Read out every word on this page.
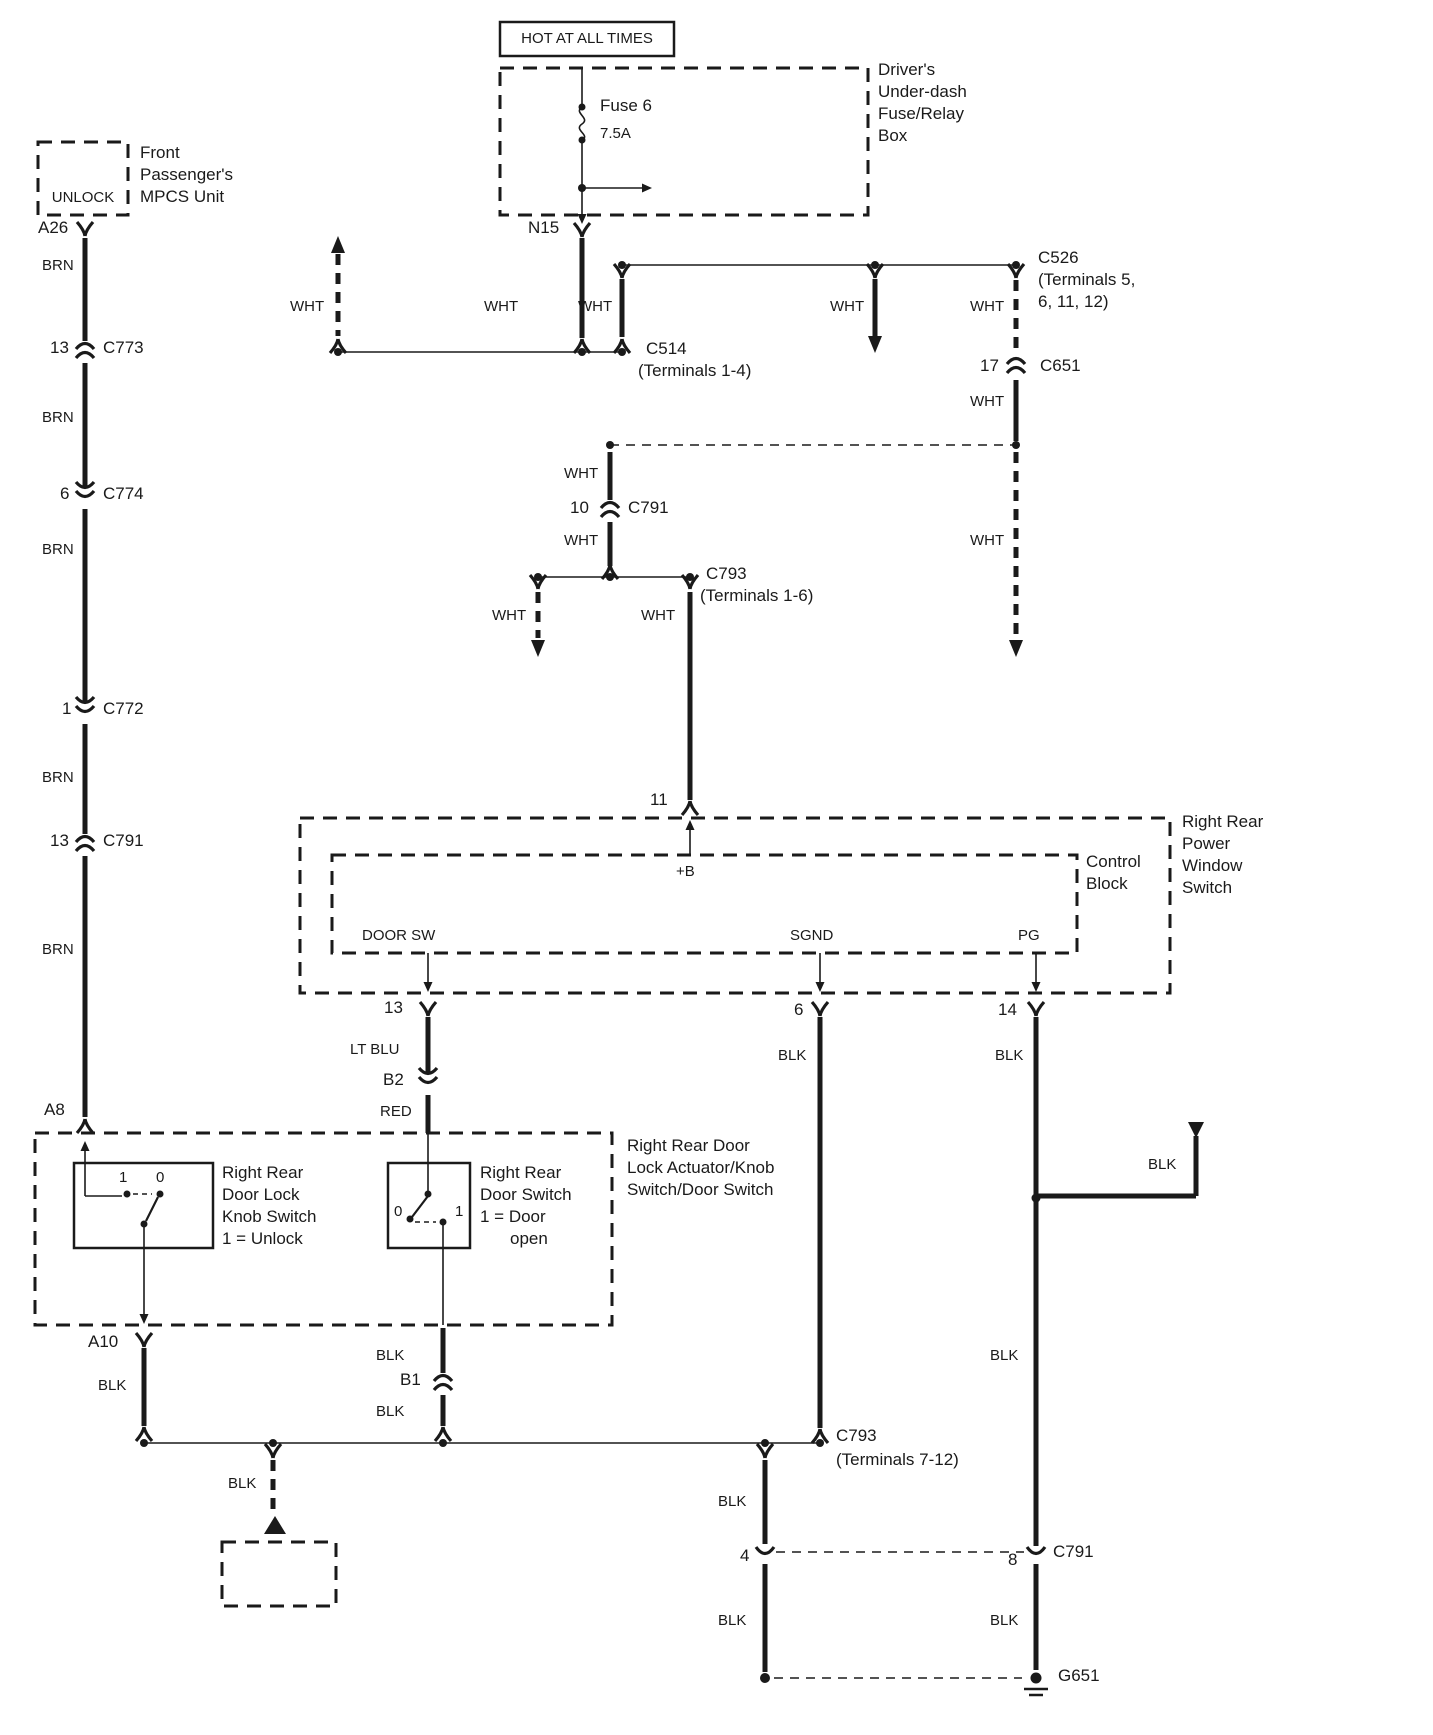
HOT AT ALL TIMES
Driver's
Under-dash
Fuse/Relay
Box
Fuse 6
7.5A
N15
Front
Passenger's
MPCS Unit
UNLOCK
A26
BRN
BRN
BRN
BRN
BRN
13 C773
6 C774
1 C772
13 C791
A8
WHT	WHT	WHT	WHT	WHT
C514
(Terminals 1-4)
C526
(Terminals 5,
6, 11, 12)
17 C651
WHT
WHT
WHT
10 C791
WHT
WHT	WHT
C793
(Terminals 1-6)
11
+B
Control
Block
Right Rear
Power
Window
Switch
DOOR SW	SGND	PG
13	6	14
LT BLU
B2
RED
BLK	BLK
BLK
Right Rear Door
Lock Actuator/Knob
Switch/Door Switch
1 0	Right Rear
Door Lock
Knob Switch
1 = Unlock
0	1
Right Rear
Door Switch
1 = Door
open
A10
BLK
BLK
B1
BLK
BLK
C793
(Terminals 7-12)
BLK
BLK
4	8 C791
BLK	BLK
G651
